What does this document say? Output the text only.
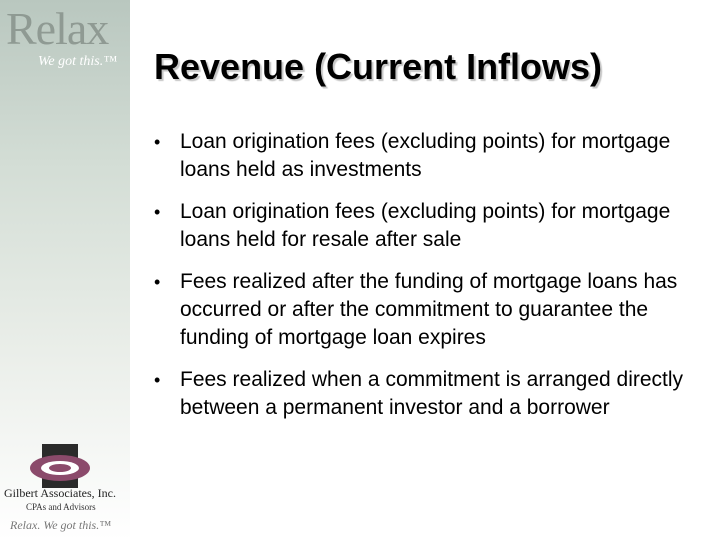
Relax
We got this.™
Gilbert Associates, Inc.
CPAs and Advisors
Relax. We got this.™
Revenue (Current Inflows)
• Loan origination fees (excluding points) for mortgage loans held as investments
• Loan origination fees (excluding points) for mortgage loans held for resale after sale
• Fees realized after the funding of mortgage loans has occurred or after the commitment to guarantee the funding of mortgage loan expires
• Fees realized when a commitment is arranged directly between a permanent investor and a borrower
